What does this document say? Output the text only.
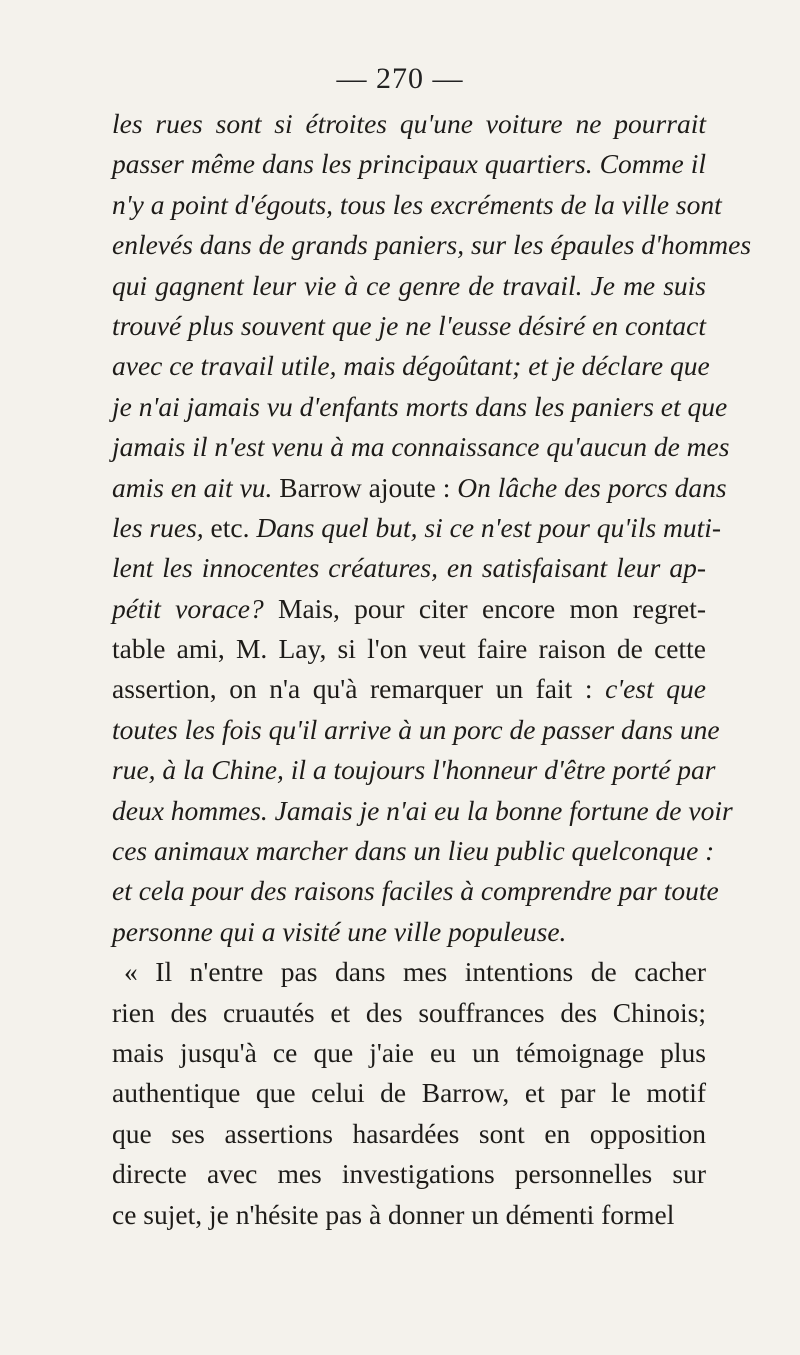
— 270 —
les rues sont si étroites qu'une voiture ne pourrait
passer même dans les principaux quartiers. Comme il
n'y a point d'égouts, tous les excréments de la ville sont
enlevés dans de grands paniers, sur les épaules d'hommes
qui gagnent leur vie à ce genre de travail. Je me suis
trouvé plus souvent que je ne l'eusse désiré en contact
avec ce travail utile, mais dégoûtant; et je déclare que
je n'ai jamais vu d'enfants morts dans les paniers et que
jamais il n'est venu à ma connaissance qu'aucun de mes
amis en ait vu. Barrow ajoute : On lâche des porcs dans
les rues, etc. Dans quel but, si ce n'est pour qu'ils muti-
lent les innocentes créatures, en satisfaisant leur ap-
pétit vorace? Mais, pour citer encore mon regret-
table ami, M. Lay, si l'on veut faire raison de cette
assertion, on n'a qu'à remarquer un fait : c'est que
toutes les fois qu'il arrive à un porc de passer dans une
rue, à la Chine, il a toujours l'honneur d'être porté par
deux hommes. Jamais je n'ai eu la bonne fortune de voir
ces animaux marcher dans un lieu public quelconque :
et cela pour des raisons faciles à comprendre par toute
personne qui a visité une ville populeuse.
« Il n'entre pas dans mes intentions de cacher
rien des cruautés et des souffrances des Chinois;
mais jusqu'à ce que j'aie eu un témoignage plus
authentique que celui de Barrow, et par le motif
que ses assertions hasardées sont en opposition
directe avec mes investigations personnelles sur
ce sujet, je n'hésite pas à donner un démenti formel
